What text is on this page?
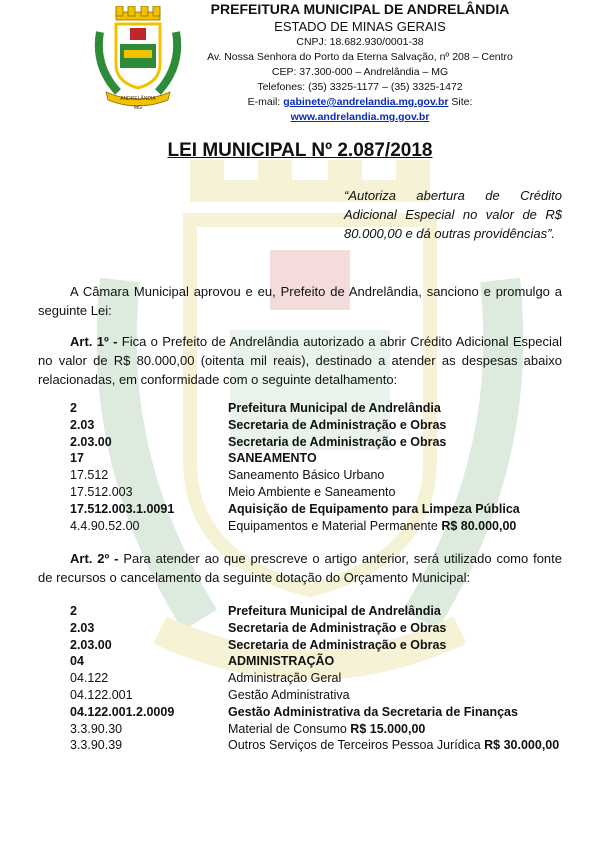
ANDRELÂNDIA
MG
PREFEITURA MUNICIPAL DE ANDRELÂNDIA
ESTADO DE MINAS GERAIS
CNPJ: 18.682.930/0001-38
Av. Nossa Senhora do Porto da Eterna Salvação, nº 208 – Centro
CEP: 37.300-000 – Andrelândia – MG
Telefones: (35) 3325-1177 – (35) 3325-1472
E-mail: gabinete@andrelandia.mg.gov.br Site: www.andrelandia.mg.gov.br
LEI MUNICIPAL Nº 2.087/2018
“Autoriza abertura de Crédito Adicional Especial no valor de R$ 80.000,00 e dá outras providências”.
A Câmara Municipal aprovou e eu, Prefeito de Andrelândia, sanciono e promulgo a seguinte Lei:
Art. 1º - Fica o Prefeito de Andrelândia autorizado a abrir Crédito Adicional Especial no valor de R$ 80.000,00 (oitenta mil reais), destinado a atender as despesas abaixo relacionadas, em conformidade com o seguinte detalhamento:
2	Prefeitura Municipal de Andrelândia
2.03	Secretaria de Administração e Obras
2.03.00	Secretaria de Administração e Obras
17	SANEAMENTO
17.512	Saneamento Básico Urbano
17.512.003	Meio Ambiente e Saneamento
17.512.003.1.0091	Aquisição de Equipamento para Limpeza Pública
4.4.90.52.00	Equipamentos e Material Permanente R$ 80.000,00
Art. 2º - Para atender ao que prescreve o artigo anterior, será utilizado como fonte de recursos o cancelamento da seguinte dotação do Orçamento Municipal:
2	Prefeitura Municipal de Andrelândia
2.03	Secretaria de Administração e Obras
2.03.00	Secretaria de Administração e Obras
04	ADMINISTRAÇÃO
04.122	Administração Geral
04.122.001	Gestão Administrativa
04.122.001.2.0009	Gestão Administrativa da Secretaria de Finanças
3.3.90.30	Material de Consumo R$ 15.000,00
3.3.90.39	Outros Serviços de Terceiros Pessoa Jurídica R$ 30.000,00
